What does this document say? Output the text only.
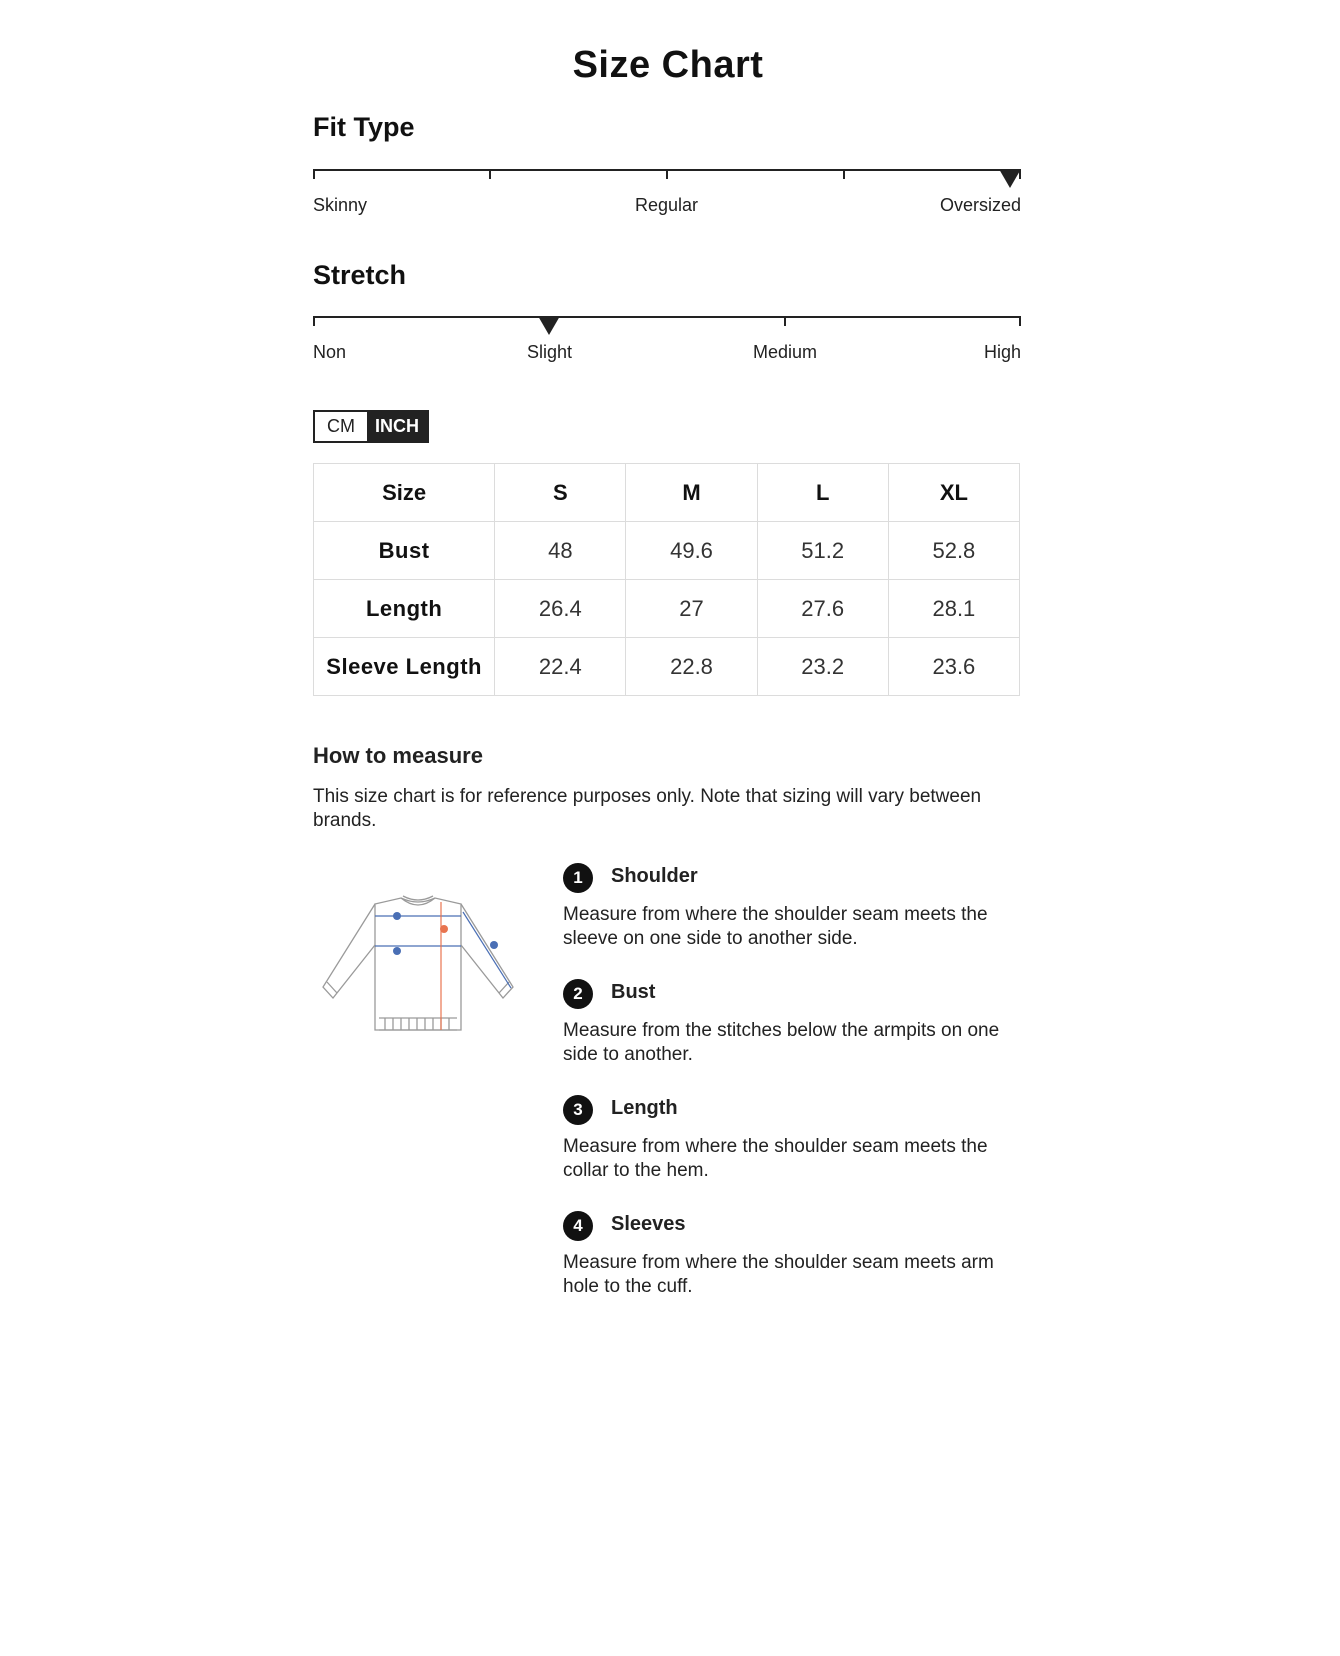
Size Chart
Fit Type
Skinny	Regular	Oversized
Stretch
Non	Slight	Medium	High
CM	INCH
Size	S	M	L	XL
Bust	48	49.6	51.2	52.8
Length	26.4	27	27.6	28.1
Sleeve Length	22.4	22.8	23.2	23.6
How to measure
This size chart is for reference purposes only. Note that sizing will vary between brands.
1	Shoulder
Measure from where the shoulder seam meets the sleeve on one side to another side.
2	Bust
Measure from the stitches below the armpits on one side to another.
3	Length
Measure from where the shoulder seam meets the collar to the hem.
4	Sleeves
Measure from where the shoulder seam meets arm hole to the cuff.
